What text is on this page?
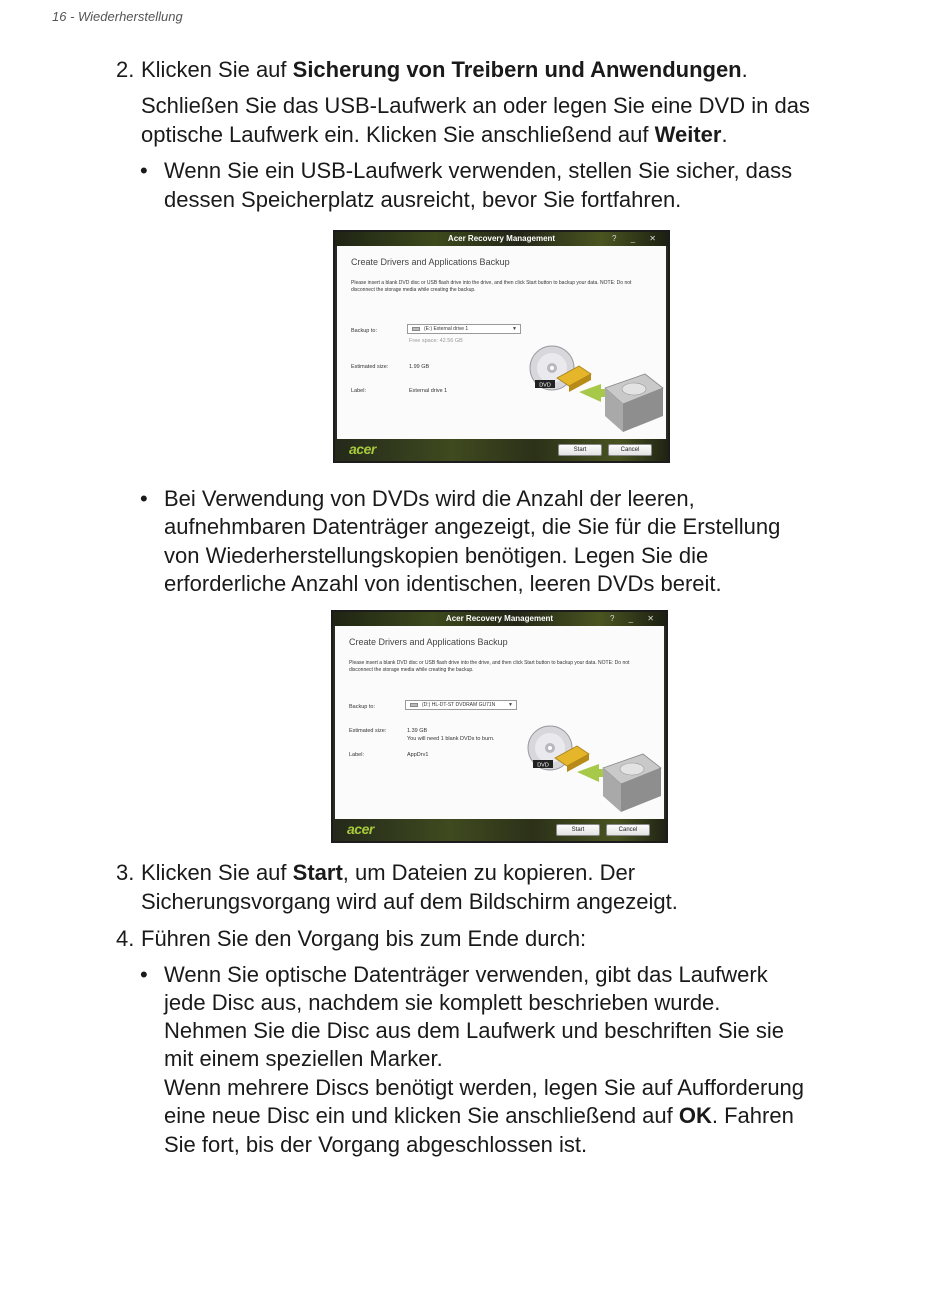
16 - Wiederherstellung
2. Klicken Sie auf Sicherung von Treibern und Anwendungen.
Schließen Sie das USB-Laufwerk an oder legen Sie eine DVD in das
optische Laufwerk ein. Klicken Sie anschließend auf Weiter.
• Wenn Sie ein USB-Laufwerk verwenden, stellen Sie sicher, dass
dessen Speicherplatz ausreicht, bevor Sie fortfahren.
Acer Recovery Management	? _ ✕
Create Drivers and Applications Backup
Please insert a blank DVD disc or USB flash drive into the drive, and then click Start button to backup your data. NOTE: Do not disconnect the storage media while creating the backup.
Backup to:	(E:) External drive 1	▼
Free space: 42.56 GB
Estimated size:	1.99 GB
Label:	External drive 1
DVD
acer	Start	Cancel
• Bei Verwendung von DVDs wird die Anzahl der leeren,
aufnehmbaren Datenträger angezeigt, die Sie für die Erstellung
von Wiederherstellungskopien benötigen. Legen Sie die
erforderliche Anzahl von identischen, leeren DVDs bereit.
Acer Recovery Management	? _ ✕
Create Drivers and Applications Backup
Please insert a blank DVD disc or USB flash drive into the drive, and then click Start button to backup your data. NOTE: Do not disconnect the storage media while creating the backup.
Backup to:	(D:) HL-DT-ST DVDRAM GU71N	▼
Estimated size:	1.39 GB
You will need 1 blank DVDs to burn.
Label:	AppDrv1
DVD
acer	Start	Cancel
3. Klicken Sie auf Start, um Dateien zu kopieren. Der
Sicherungsvorgang wird auf dem Bildschirm angezeigt.
4. Führen Sie den Vorgang bis zum Ende durch:
• Wenn Sie optische Datenträger verwenden, gibt das Laufwerk
jede Disc aus, nachdem sie komplett beschrieben wurde.
Nehmen Sie die Disc aus dem Laufwerk und beschriften Sie sie
mit einem speziellen Marker.
Wenn mehrere Discs benötigt werden, legen Sie auf Aufforderung
eine neue Disc ein und klicken Sie anschließend auf OK. Fahren
Sie fort, bis der Vorgang abgeschlossen ist.
